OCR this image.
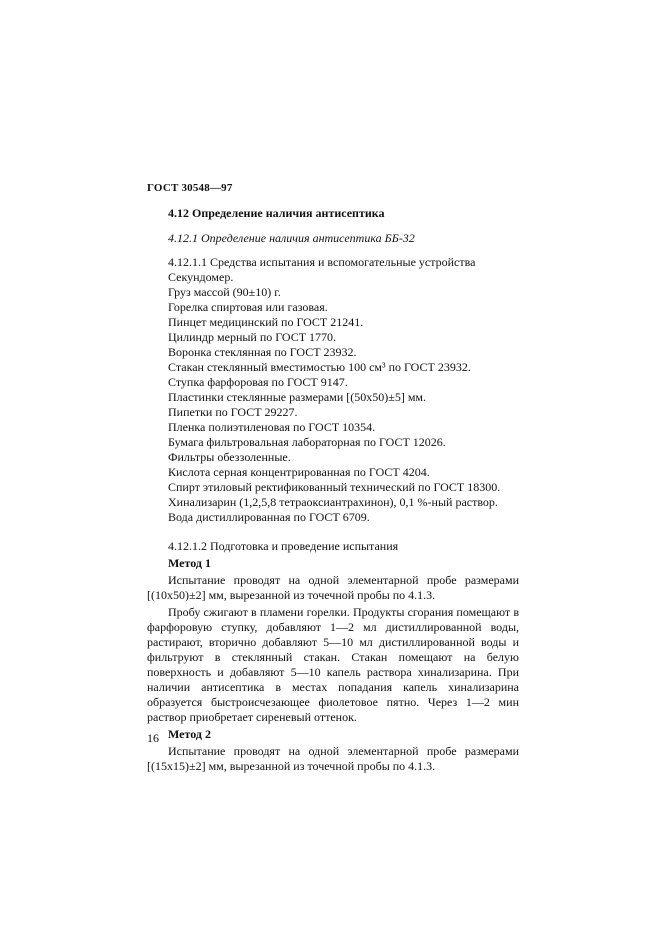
ГОСТ 30548—97
4.12 Определение наличия антисептика
4.12.1 Определение наличия антисептика ББ-32
4.12.1.1 Средства испытания и вспомогательные устройства
Секундомер.
Груз массой (90±10) г.
Горелка спиртовая или газовая.
Пинцет медицинский по ГОСТ 21241.
Цилиндр мерный по ГОСТ 1770.
Воронка стеклянная по ГОСТ 23932.
Стакан стеклянный вместимостью 100 см³ по ГОСТ 23932.
Ступка фарфоровая по ГОСТ 9147.
Пластинки стеклянные размерами [(50х50)±5] мм.
Пипетки по ГОСТ 29227.
Пленка полиэтиленовая по ГОСТ 10354.
Бумага фильтровальная лабораторная по ГОСТ 12026.
Фильтры обеззоленные.
Кислота серная концентрированная по ГОСТ 4204.
Спирт этиловый ректификованный технический по ГОСТ 18300.
Хинализарин (1,2,5,8 тетраоксиантрахинон), 0,1 %-ный раствор.
Вода дистиллированная по ГОСТ 6709.
4.12.1.2 Подготовка и проведение испытания
Метод 1
Испытание проводят на одной элементарной пробе размерами [(10х50)±2] мм, вырезанной из точечной пробы по 4.1.3.
Пробу сжигают в пламени горелки. Продукты сгорания помещают в фарфоровую ступку, добавляют 1—2 мл дистиллированной воды, растирают, вторично добавляют 5—10 мл дистиллированной воды и фильтруют в стеклянный стакан. Стакан помещают на белую поверхность и добавляют 5—10 капель раствора хинализарина. При наличии антисептика в местах попадания капель хинализарина образуется быстроисчезающее фиолетовое пятно. Через 1—2 мин раствор приобретает сиреневый оттенок.
Метод 2
Испытание проводят на одной элементарной пробе размерами [(15х15)±2] мм, вырезанной из точечной пробы по 4.1.3.
16
